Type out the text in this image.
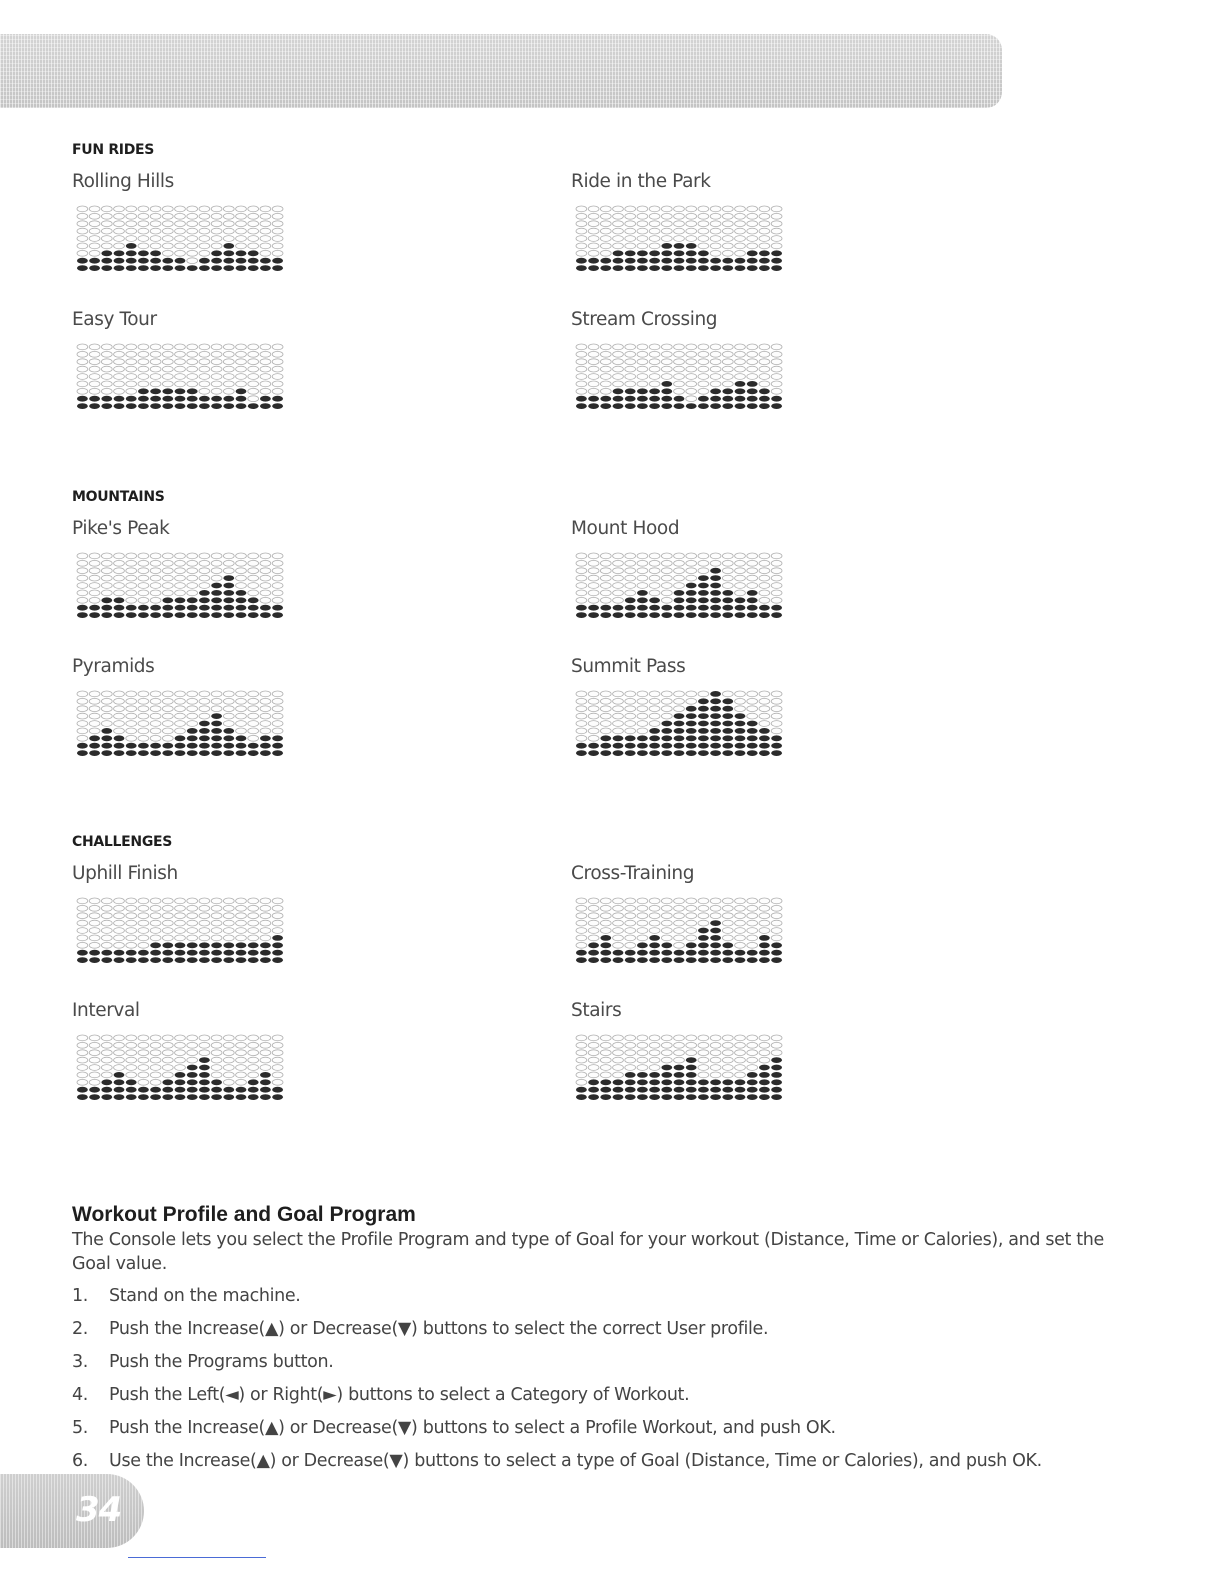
FUN RIDES
Rolling Hills	Ride in the Park
Easy Tour	Stream Crossing
MOUNTAINS
Pike's Peak	Mount Hood
Pyramids	Summit Pass
CHALLENGES
Uphill Finish	Cross-Training
Interval	Stairs
Workout Profile and Goal Program

The Console lets you select the Profile Program and type of Goal for your workout (Distance, Time or Calories), and set the Goal value.

1. Stand on the machine.
2. Push the Increase(▲) or Decrease(▼) buttons to select the correct User profile.
3. Push the Programs button.
4. Push the Left(◄) or Right(►) buttons to select a Category of Workout.
5. Push the Increase(▲) or Decrease(▼) buttons to select a Profile Workout, and push OK.
6. Use the Increase(▲) or Decrease(▼) buttons to select a type of Goal (Distance, Time or Calories), and push OK.
34
